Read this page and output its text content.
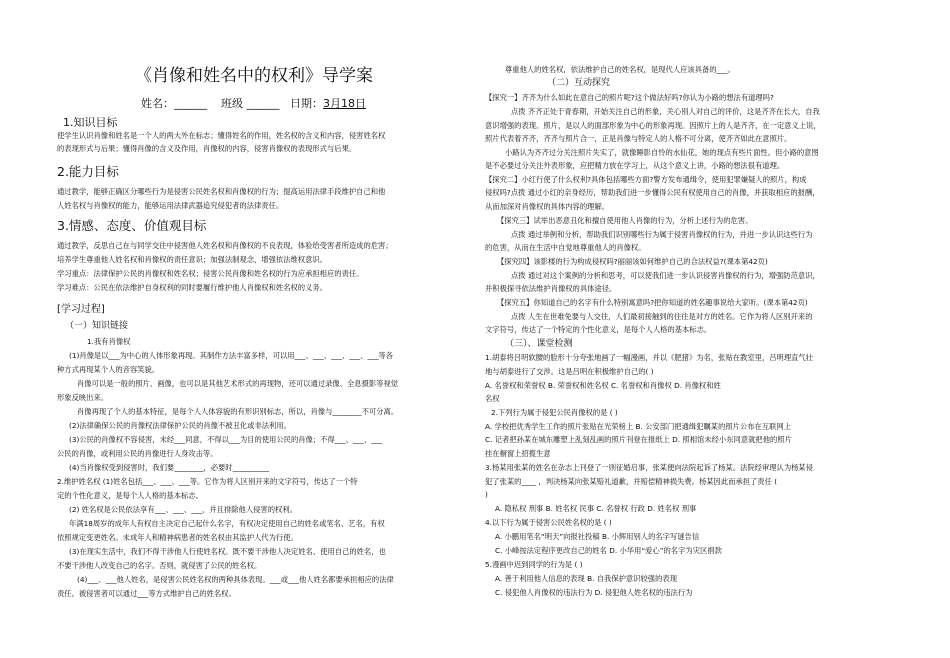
《肖像和姓名中的权利》导学案
姓名：______ 班级 ______ 日期：3月18日
1.知识目标
使学生认识肖像和姓名是一个人的两大外在标志；懂得姓名的作用，姓名权的含义和内容，侵害姓名权
的表现形式与后果；懂得肖像的含义及作用，肖像权的内容，侵害肖像权的表现形式与后果。
2.能力目标
通过教学，能够正确区分哪些行为是侵害公民姓名权和肖像权的行为；提高运用法律手段维护自己和他
人姓名权与肖像权的能力，能够运用法律武器追究侵犯者的法律责任。
3.情感、态度、价值观目标
通过教学，反思自己在与同学交往中侵害他人姓名权和肖像权的不良表现，体验给受害者所造成的危害；
培养学生尊重他人姓名权和肖像权的责任意识；加强法制观念，增强依法维权意识。
学习重点：法律保护公民的肖像权和姓名权；侵害公民肖像和姓名权的行为应承担相应的责任。
学习难点：公民在依法维护自身权利的同时要履行维护他人肖像权和姓名权的义务。
[学习过程]
（一）知识链接
1.我有肖像权
(1)肖像是以___为中心的人体形象再现。其制作方法丰富多样，可以用___、___、___、___、___等各
种方式再现某个人的音容笑貌。
肖像可以是一般的照片、画像，也可以是其他艺术形式的再现物，还可以通过录像、全息摄影等视觉
形象反映出来。
肖像再现了个人的基本特征，是每个人人体容貌的有形识别标志，所以，肖像与________不可分离。
(2)法律确保公民的肖像权法律保护公民的肖像不被丑化或非法利用。
(3)公民的肖像权不容侵害，未经___同意，不得以___为目的使用公民的肖像；不得___、___、___
公民的肖像，或利用公民的肖像进行人身攻击等。
(4)当肖像权受到侵害时，我们要________，必要时__________
2.维护姓名权 (1)姓名包括___、___、___等。它作为将人区别开来的文字符号，传达了一个特
定的个性化意义，是每个人人格的基本标志。
(2) 姓名权是公民依法享有___、___、___，并且排除他人侵害的权利。
年满18周岁的成年人有权自主决定自己起什么名字，有权决定使用自己的姓名或笔名、艺名，有权
依照规定变更姓名。未成年人和精神病患者的姓名权由其监护人代为行使。
(3)在现实生活中，我们不得干涉他人行使姓名权。既不要干涉他人决定姓名、使用自己的姓名，也
不要干涉他人改变自己的名字。否则，就侵害了公民的姓名权。
(4)___、___他人姓名，是侵害公民姓名权的两种具体表现。___或___他人姓名都要承担相应的法律
责任。被侵害者可以通过___等方式维护自己的姓名权。
尊重他人的姓名权，依法维护自己的姓名权，是现代人应该具备的___。
（二）互动探究
【探究一】齐齐为什么如此在意自己的照片呢?这个做法好吗?你认为小路的想法有道理吗?
点拨 齐齐正处于青春期，开始关注自己的形象，关心别人对自己的评价，这是齐齐在长大，自我
意识增强的表现。照片，是以人的面部形象为中心的形象再现。因照片上的人是齐齐，在一定意义上说，
照片代表着齐齐，齐齐与照片合一，正是肖像与特定人的人格不可分离，使齐齐如此在意照片。
小路认为齐齐过分关注照片失实了，就像睡影自怜的水仙花，她的现点有些片面性。但小路的意图
是不必要过分关注外表形象，应把精力放在学习上，从这个意义上讲，小路的想法很有道理。
【探究二】小红行使了什么权利?具体包括哪些方面?警方发布通缉令，使用犯罪嫌疑人的照片，构成
侵权吗?点拨 通过小红的亲身经历，帮助我们进一步懂得公民有权使用自己的肖像，并获取相应的报酬，
从而加深对肖像权的具体内容的理解。
【探究三】试举出恶意丑化和擅自使用他人肖像的行为，分析上述行为的危害。
点拨 通过举例和分析，帮助我们识别哪些行为属于侵害肖像权的行为，并进一步认识这些行为
的危害，从而在生活中自觉地尊重他人的肖像权。
【探究四】该影楼的行为构成侵权吗?丽丽该如何维护自己的合法权益?(课本第42页)
点拨 通过对这个案例的分析和思考，可以使我们进一步认识侵害肖像权的行为，增强防范意识，
并积极探寻依法维护肖像权的具体途径。
【探究五】你知道自己的名字有什么特别寓意吗?把你知道的姓名趣事说给大家听。(课本第42页)
点拨 人生在世难免要与人交往，人们最初接触到的往往是对方的姓名。它作为将人区别开来的
文字符号，传达了一个特定的个性化意义，是每个人人格的基本标志。
（三）、课堂检测
1.胡泰将吕明软腰的脸形十分夸张地画了一幅漫画，并以《肥猪》为名，张贴在教室里，吕明理直气壮
地与胡泰进行了交涉。这是吕明在积极维护自己的( )
A. 名誉权和荣誉权 B. 荣誉权和姓名权 C. 名誉权和肖像权 D. 肖像权和姓
名权
2.下列行为属于侵犯公民肖像权的是 ( )
A. 学校把优秀学生工作的照片张贴在光荣榜上 B. 公安部门把通缉犯瞩某的照片公布在互联网上
C. 记者把孙某在城东雕塑上乱刻乱画的照片刊登在报纸上 D. 照相馆未经小东同意就把他的照片
挂在橱窗上招揽生意
3.杨某用张某的姓名在杂志上刊登了一则征婚启事，张某便向法院起诉了杨某。法院经审理认为杨某侵
犯了张某的____ ，判决杨某向张某赔礼道歉，并赔偿精神损失费。杨某因此而承担了责任 (
)
A. 隐私权 刑事 B. 姓名权 民事 C. 名誉权 行政 D. 姓名权 刑事
4.以下行为属于侵害公民姓名权的是 ( )
A. 小鹏用笔名“明天”向报社投稿 B. 小辉用别人的名字写谜告信
C. 小峰按法定程序更改自己的姓名 D. 小华用“爱心”的名字为灾区捐款
5.漫画中迟到同学的行为是 ( )
A. 善于利用他人信息的表现 B. 自我保护意识较强的表现
C. 侵犯他人肖像权的违法行为 D. 侵犯他人姓名权的违法行为
